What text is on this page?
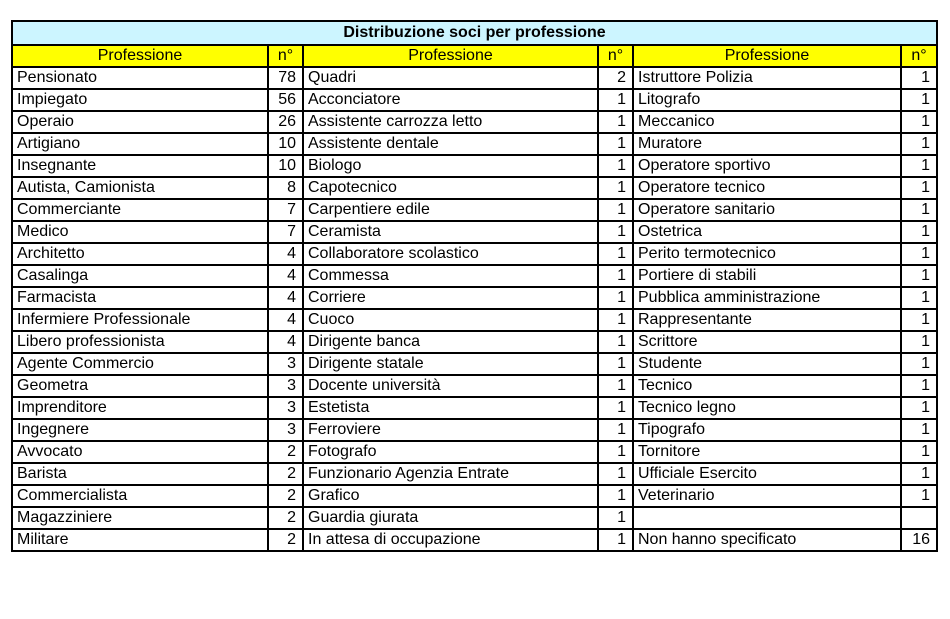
Distribuzione soci per professione					
Professione	n°	Professione	n°	Professione	n°
Pensionato	78	Quadri	2	Istruttore Polizia	1
Impiegato	56	Acconciatore	1	Litografo	1
Operaio	26	Assistente carrozza letto	1	Meccanico	1
Artigiano	10	Assistente dentale	1	Muratore	1
Insegnante	10	Biologo	1	Operatore sportivo	1
Autista, Camionista	8	Capotecnico	1	Operatore tecnico	1
Commerciante	7	Carpentiere edile	1	Operatore sanitario	1
Medico	7	Ceramista	1	Ostetrica	1
Architetto	4	Collaboratore scolastico	1	Perito termotecnico	1
Casalinga	4	Commessa	1	Portiere di stabili	1
Farmacista	4	Corriere	1	Pubblica amministrazione	1
Infermiere Professionale	4	Cuoco	1	Rappresentante	1
Libero professionista	4	Dirigente banca	1	Scrittore	1
Agente Commercio	3	Dirigente statale	1	Studente	1
Geometra	3	Docente università	1	Tecnico	1
Imprenditore	3	Estetista	1	Tecnico legno	1
Ingegnere	3	Ferroviere	1	Tipografo	1
Avvocato	2	Fotografo	1	Tornitore	1
Barista	2	Funzionario Agenzia Entrate	1	Ufficiale Esercito	1
Commercialista	2	Grafico	1	Veterinario	1
Magazziniere	2	Guardia giurata	1		
Militare	2	In attesa di occupazione	1	Non hanno specificato	16
